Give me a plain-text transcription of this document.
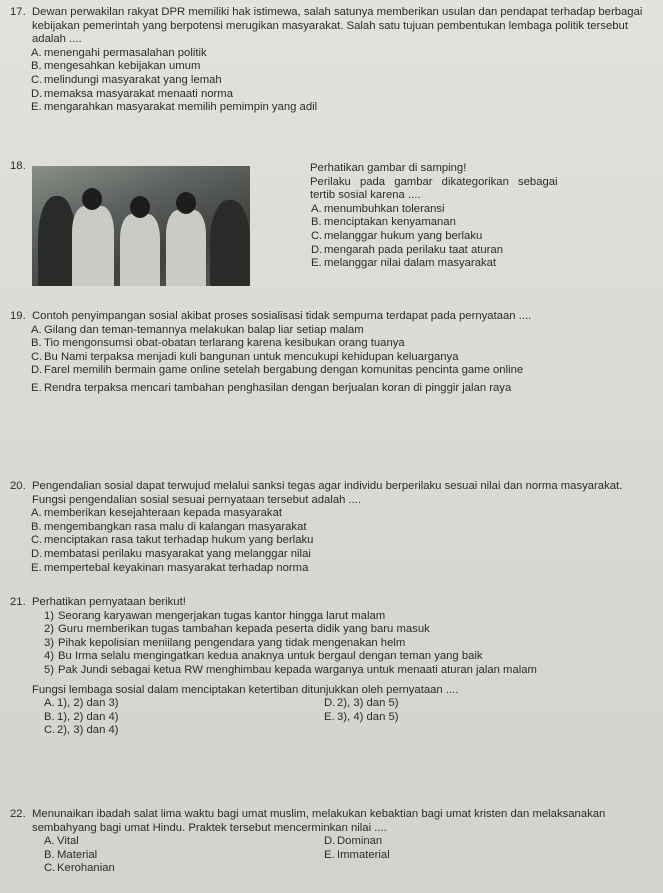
17. Dewan perwakilan rakyat DPR memiliki hak istimewa, salah satunya memberikan usulan dan pendapat terhadap berbagai kebijakan pemerintah yang berpotensi merugikan masyarakat. Salah satu tujuan pembentukan lembaga politik tersebut adalah ....
A. menengahi permasalahan politik
B. mengesahkan kebijakan umum
C. melindungi masyarakat yang lemah
D. memaksa masyarakat menaati norma
E. mengarahkan masyarakat memilih pemimpin yang adil
18.	Perhatikan gambar di samping!
Perilaku pada gambar dikategorikan sebagai
tertib sosial karena ....
A. menumbuhkan toleransi
B. menciptakan kenyamanan
C. melanggar hukum yang berlaku
D. mengarah pada perilaku taat aturan
E. melanggar nilai dalam masyarakat
19. Contoh penyimpangan sosial akibat proses sosialisasi tidak sempurna terdapat pada pernyataan ....
A. Gilang dan teman-temannya melakukan balap liar setiap malam
B. Tio mengonsumsi obat-obatan terlarang karena kesibukan orang tuanya
C. Bu Nami terpaksa menjadi kuli bangunan untuk mencukupi kehidupan keluarganya
D. Farel memilih bermain game online setelah bergabung dengan komunitas pencinta game online
E. Rendra terpaksa mencari tambahan penghasilan dengan berjualan koran di pinggir jalan raya
20. Pengendalian sosial dapat terwujud melalui sanksi tegas agar individu berperilaku sesuai nilai dan norma masyarakat. Fungsi pengendalian sosial sesuai pernyataan tersebut adalah ....
A. memberikan kesejahteraan kepada masyarakat
B. mengembangkan rasa malu di kalangan masyarakat
C. menciptakan rasa takut terhadap hukum yang berlaku
D. membatasi perilaku masyarakat yang melanggar nilai
E. mempertebal keyakinan masyarakat terhadap norma
21. Perhatikan pernyataan berikut!
1) Seorang karyawan mengerjakan tugas kantor hingga larut malam
2) Guru memberikan tugas tambahan kepada peserta didik yang baru masuk
3) Pihak kepolisian meniilang pengendara yang tidak mengenakan helm
4) Bu Irma selalu mengingatkan kedua anaknya untuk bergaul dengan teman yang baik
5) Pak Jundi sebagai ketua RW menghimbau kepada warganya untuk menaati aturan jalan malam
Fungsi lembaga sosial dalam menciptakan ketertiban ditunjukkan oleh pernyataan ....
A. 1), 2) dan 3)	D. 2), 3) dan 5)
B. 1), 2) dan 4)	E. 3), 4) dan 5)
C. 2), 3) dan 4)
22. Menunaikan ibadah salat lima waktu bagi umat muslim, melakukan kebaktian bagi umat kristen dan melaksanakan sembahyang bagi umat Hindu. Praktek tersebut mencerminkan nilai ....
A. Vital	D. Dominan
B. Material	E. Immaterial
C. Kerohanian
